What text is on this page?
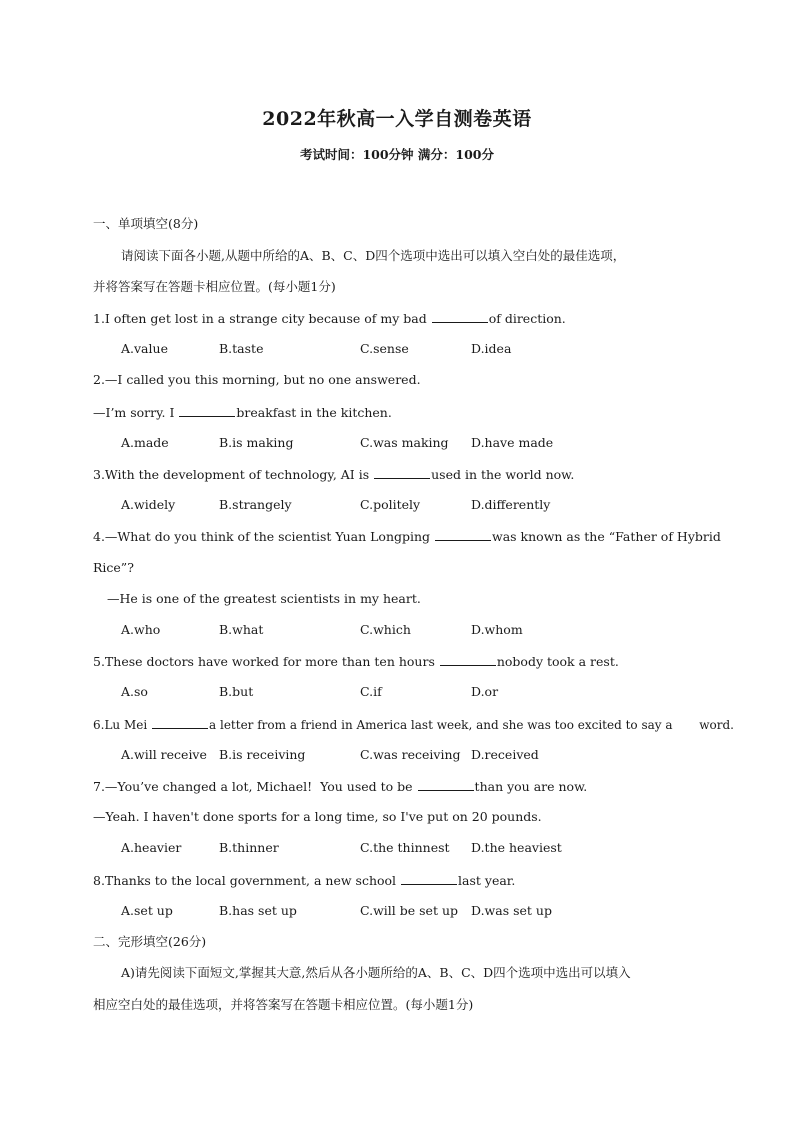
2022年秋高一入学自测卷英语
考试时间：100分钟 满分：100分
一、单项填空(8分)
请阅读下面各小题,从题中所给的A、B、C、D四个选项中选出可以填入空白处的最佳选项，
并将答案写在答题卡相应位置。(每小题1分)
1.I often get lost in a strange city because of my bad	of direction.
A.value	B.taste	C.sense	D.idea
2.—I called you this morning, but no one answered.
—I’m sorry. I	breakfast in the kitchen.
A.made	B.is making	C.was making D.have made
3.With the development of technology, AI is	used in the world now.
A.widely	B.strangely	C.politely	D.differently
4.—What do you think of the scientist Yuan Longping	was known as the “Father of Hybrid
Rice”?
—He is one of the greatest scientists in my heart.
A.who	B.what	C.which	D.whom
5.These doctors have worked for more than ten hours	nobody took a rest.
A.so	B.but	C.if	D.or
6.Lu Mei	a letter from a friend in America last week, and she was too excited to say a       word.
A.will receive B.is receiving	C.was receiving D.received
7.—You’ve changed a lot, Michael!  You used to be	than you are now.
—Yeah. I haven't done sports for a long time, so I've put on 20 pounds.
A.heavier	B.thinner	C.the thinnest D.the heaviest
8.Thanks to the local government, a new school	last year.
A.set up	B.has set up	C.will be set up D.was set up
二、完形填空(26分)
A)请先阅读下面短文,掌握其大意,然后从各小题所给的A、B、C、D四个选项中选出可以填入
相应空白处的最佳选项，并将答案写在答题卡相应位置。(每小题1分)
